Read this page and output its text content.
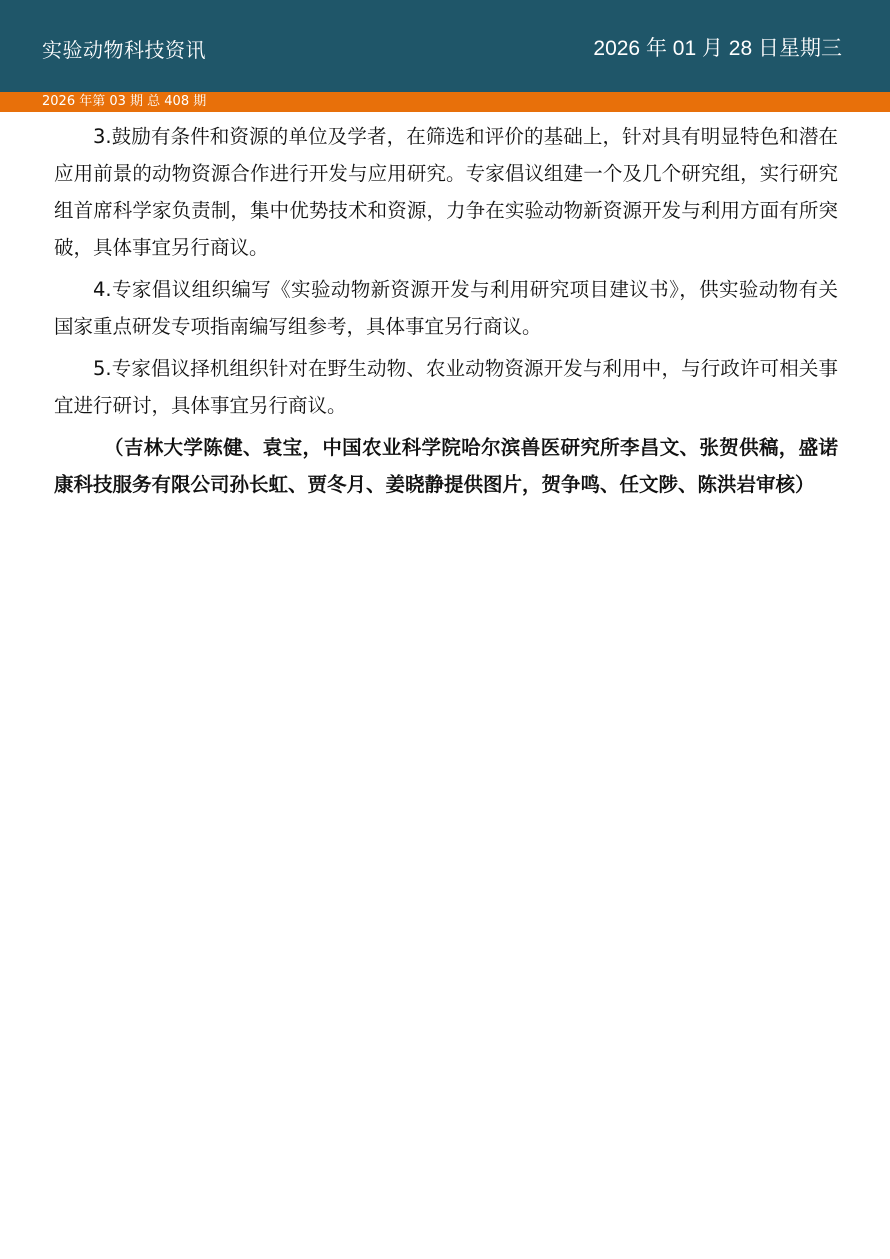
实验动物科技资讯	2026 年 01 月 28 日星期三
2026 年第 03 期 总 408 期

3.鼓励有条件和资源的单位及学者，在筛选和评价的基础上，针对具有明显特色和潜在应用前景的动物资源合作进行开发与应用研究。专家倡议组建一个及几个研究组，实行研究组首席科学家负责制，集中优势技术和资源，力争在实验动物新资源开发与利用方面有所突破，具体事宜另行商议。

4.专家倡议组织编写《实验动物新资源开发与利用研究项目建议书》，供实验动物有关国家重点研发专项指南编写组参考，具体事宜另行商议。

5.专家倡议择机组织针对在野生动物、农业动物资源开发与利用中，与行政许可相关事宜进行研讨，具体事宜另行商议。

（吉林大学陈健、袁宝，中国农业科学院哈尔滨兽医研究所李昌文、张贺供稿，盛诺康科技服务有限公司孙长虹、贾冬月、姜晓静提供图片，贺争鸣、任文陟、陈洪岩审核）
